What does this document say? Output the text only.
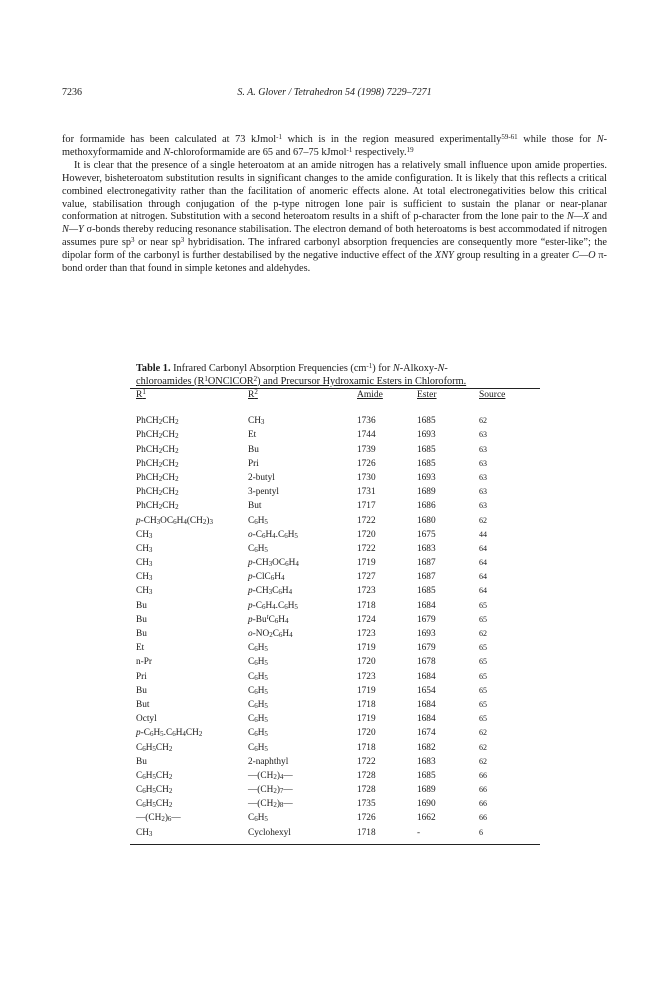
7236	S. A. Glover / Tetrahedron 54 (1998) 7229–7271

for formamide has been calculated at 73 kJmol$^{-1}$ which is in the region measured experimentally$^{59-61}$ while those for N-methoxyformamide and N-chloroformamide are 65 and 67–75 kJmol$^{-1}$ respectively.$^{19}$

It is clear that the presence of a single heteroatom at an amide nitrogen has a relatively small influence upon amide properties. However, bisheteroatom substitution results in significant changes to the amide configuration. It is likely that this reflects a critical combined electronegativity rather than the facilitation of anomeric effects alone. At total electronegativities below this critical value, stabilisation through conjugation of the p-type nitrogen lone pair is sufficient to sustain the planar or near-planar conformation at nitrogen. Substitution with a second heteroatom results in a shift of p-character from the lone pair to the N—X and N—Y σ-bonds thereby reducing resonance stabilisation. The electron demand of both heteroatoms is best accommodated if nitrogen assumes pure $sp^3$ or near $sp^3$ hybridisation. The infrared carbonyl absorption frequencies are consequently more “ester-like”; the dipolar form of the carbonyl is further destabilised by the negative inductive effect of the XNY group resulting in a greater C—O π-bond order than that found in simple ketones and aldehydes.

Table 1. Infrared Carbonyl Absorption Frequencies $(cm^{-1})$ for N-Alkoxy-N-
chloroamides $(R^1ONClCOR^2)$ and Precursor Hydroxamic Esters in Chloroform.
$R^1$	$R^2$	Amide	Ester	Source
$PhCH_2CH_2$	$CH_3$	1736	1685	62
$PhCH_2CH_2$	Et	1744	1693	63
$PhCH_2CH_2$	Bu	1739	1685	63
$PhCH_2CH_2$	Pri	1726	1685	63
$PhCH_2CH_2$	2-butyl	1730	1693	63
$PhCH_2CH_2$	3-pentyl	1731	1689	63
$PhCH_2CH_2$	But	1717	1686	63
$p-CH_3OC_6H_4(CH_2)_3$	$C_6H_5$	1722	1680	62
$CH_3$	$o-C_6H_4.C_6H_5$	1720	1675	44
$CH_3$	$C_6H_5$	1722	1683	64
$CH_3$	$p-CH_3OC_6H_4$	1719	1687	64
$CH_3$	$p-ClC_6H_4$	1727	1687	64
$CH_3$	$p-CH_3C_6H_4$	1723	1685	64
Bu	$p-C_6H_4.C_6H_5$	1718	1684	65
Bu	$p-Bu^tC_6H_4$	1724	1679	65
Bu	$o-NO_2C_6H_4$	1723	1693	62
Et	$C_6H_5$	1719	1679	65
n-Pr	$C_6H_5$	1720	1678	65
Pri	$C_6H_5$	1723	1684	65
Bu	$C_6H_5$	1719	1654	65
But	$C_6H_5$	1718	1684	65
Octyl	$C_6H_5$	1719	1684	65
$p-C_6H_5.C_6H_4CH_2$	$C_6H_5$	1720	1674	62
$C_6H_5CH_2$	$C_6H_5$	1718	1682	62
Bu	2-naphthyl	1722	1683	62
$C_6H_5CH_2$	$—(CH_2)_4—$	1728	1685	66
$C_6H_5CH_2$	$—(CH_2)_7—$	1728	1689	66
$C_6H_5CH_2$	$—(CH_2)_8—$	1735	1690	66
$—(CH_2)_6—$	$C_6H_5$	1726	1662	66
$CH_3$	Cyclohexyl	1718	-	6
